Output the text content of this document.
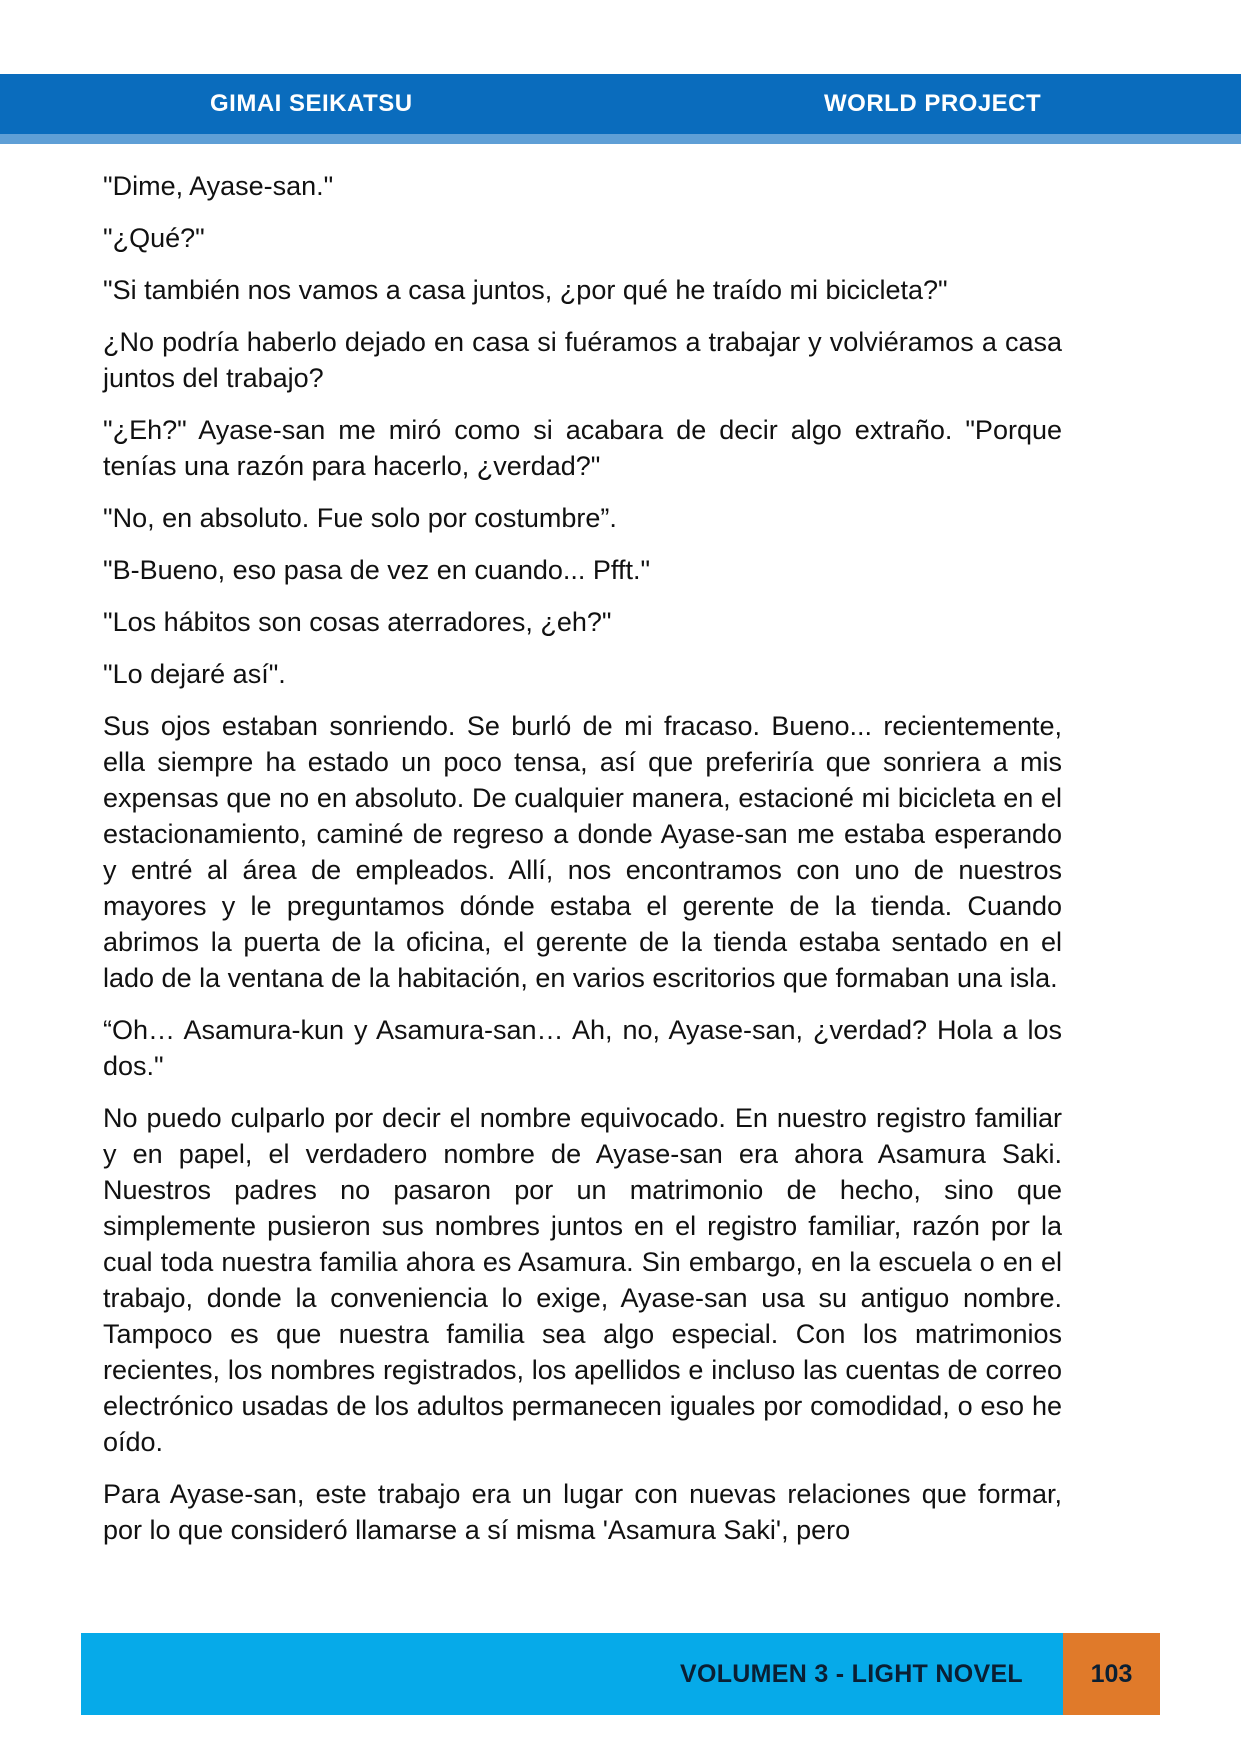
GIMAI SEIKATSU	WORLD PROJECT

"Dime, Ayase-san."

"¿Qué?"

"Si también nos vamos a casa juntos, ¿por qué he traído mi bicicleta?"

¿No podría haberlo dejado en casa si fuéramos a trabajar y volviéramos a casa juntos del trabajo?

"¿Eh?" Ayase-san me miró como si acabara de decir algo extraño. "Porque tenías una razón para hacerlo, ¿verdad?"

"No, en absoluto. Fue solo por costumbre”.

"B-Bueno, eso pasa de vez en cuando... Pfft."

"Los hábitos son cosas aterradores, ¿eh?"

"Lo dejaré así".

Sus ojos estaban sonriendo. Se burló de mi fracaso. Bueno... recientemente, ella siempre ha estado un poco tensa, así que preferiría que sonriera a mis expensas que no en absoluto. De cualquier manera, estacioné mi bicicleta en el estacionamiento, caminé de regreso a donde Ayase-san me estaba esperando y entré al área de empleados. Allí, nos encontramos con uno de nuestros mayores y le preguntamos dónde estaba el gerente de la tienda. Cuando abrimos la puerta de la oficina, el gerente de la tienda estaba sentado en el lado de la ventana de la habitación, en varios escritorios que formaban una isla.

“Oh… Asamura-kun y Asamura-san… Ah, no, Ayase-san, ¿verdad? Hola a los dos."

No puedo culparlo por decir el nombre equivocado. En nuestro registro familiar y en papel, el verdadero nombre de Ayase-san era ahora Asamura Saki. Nuestros padres no pasaron por un matrimonio de hecho, sino que simplemente pusieron sus nombres juntos en el registro familiar, razón por la cual toda nuestra familia ahora es Asamura. Sin embargo, en la escuela o en el trabajo, donde la conveniencia lo exige, Ayase-san usa su antiguo nombre. Tampoco es que nuestra familia sea algo especial. Con los matrimonios recientes, los nombres registrados, los apellidos e incluso las cuentas de correo electrónico usadas de los adultos permanecen iguales por comodidad, o eso he oído.

Para Ayase-san, este trabajo era un lugar con nuevas relaciones que formar, por lo que consideró llamarse a sí misma 'Asamura Saki', pero

VOLUMEN 3 - LIGHT NOVEL	103
